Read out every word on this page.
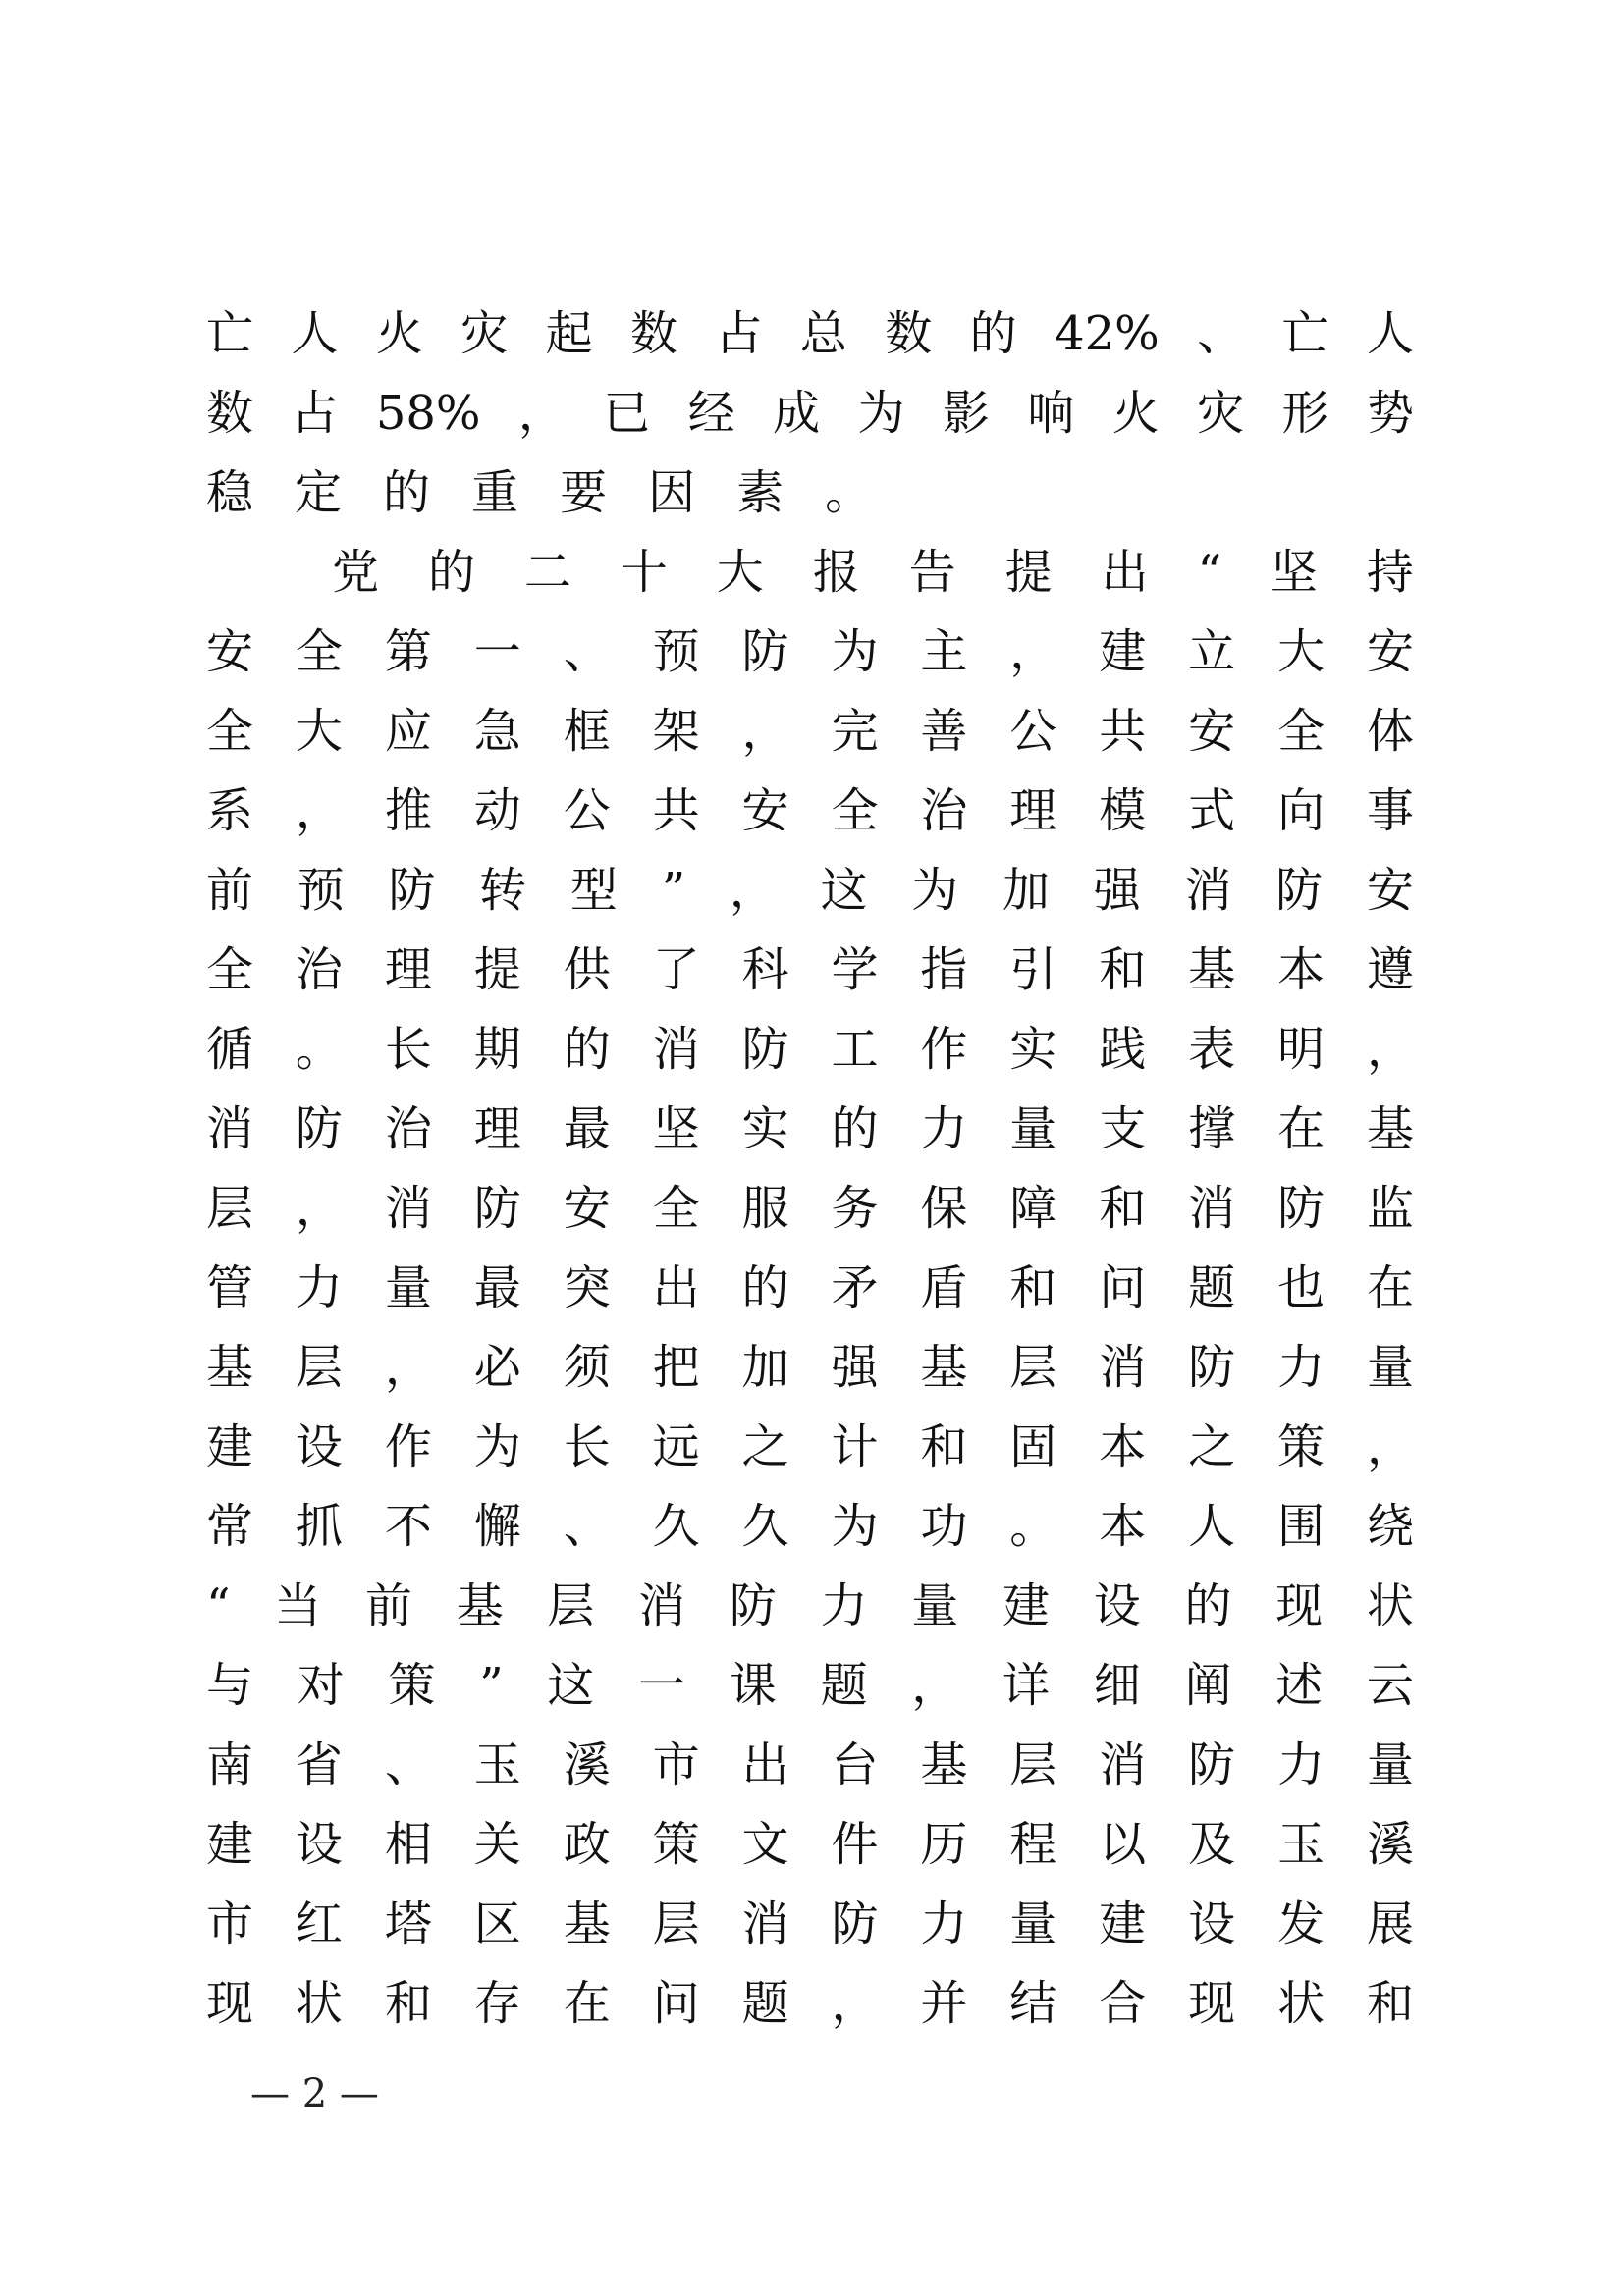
亡 人 火 灾 起 数 占 总 数 的 42% 、 亡 人
数 占 58% ， 已 经 成 为 影 响 火 灾 形 势
稳 定 的 重 要 因 素 。
党 的 二 十 大 报 告 提 出 “ 坚 持
安 全 第 一 、 预 防 为 主 ， 建 立 大 安
全 大 应 急 框 架 ， 完 善 公 共 安 全 体
系 ， 推 动 公 共 安 全 治 理 模 式 向 事
前 预 防 转 型 ” ， 这 为 加 强 消 防 安
全 治 理 提 供 了 科 学 指 引 和 基 本 遵
循 。 长 期 的 消 防 工 作 实 践 表 明 ，
消 防 治 理 最 坚 实 的 力 量 支 撑 在 基
层 ， 消 防 安 全 服 务 保 障 和 消 防 监
管 力 量 最 突 出 的 矛 盾 和 问 题 也 在
基 层 ， 必 须 把 加 强 基 层 消 防 力 量
建 设 作 为 长 远 之 计 和 固 本 之 策 ，
常 抓 不 懈 、 久 久 为 功 。 本 人 围 绕
“ 当 前 基 层 消 防 力 量 建 设 的 现 状
与 对 策 ” 这 一 课 题 ， 详 细 阐 述 云
南 省 、 玉 溪 市 出 台 基 层 消 防 力 量
建 设 相 关 政 策 文 件 历 程 以 及 玉 溪
市 红 塔 区 基 层 消 防 力 量 建 设 发 展
现 状 和 存 在 问 题 ， 并 结 合 现 状 和
— 2 —
